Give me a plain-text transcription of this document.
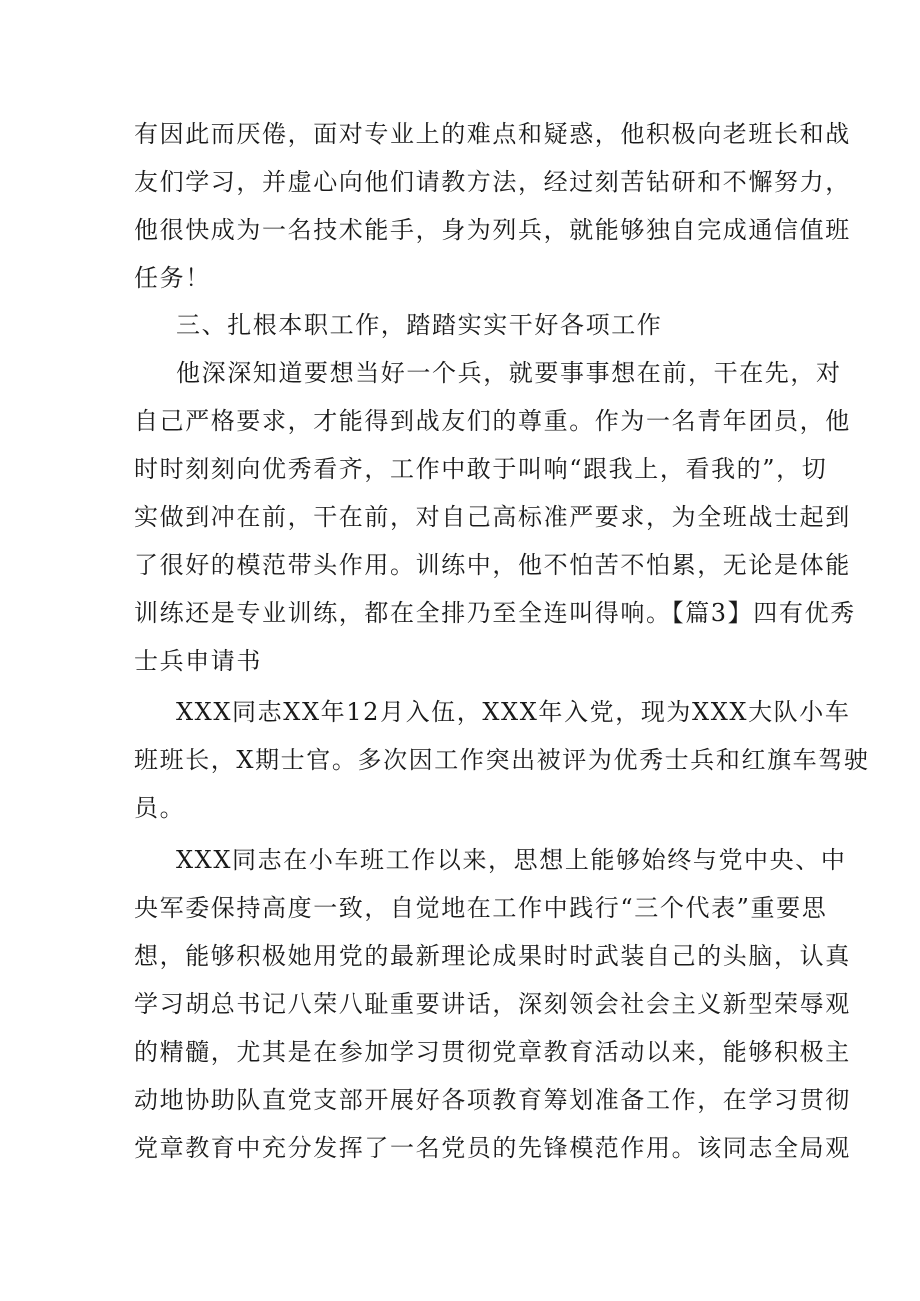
有因此而厌倦，面对专业上的难点和疑惑，他积极向老班长和战
友们学习，并虚心向他们请教方法，经过刻苦钻研和不懈努力，
他很快成为一名技术能手，身为列兵，就能够独自完成通信值班
任务！
三、扎根本职工作，踏踏实实干好各项工作
他深深知道要想当好一个兵，就要事事想在前，干在先，对
自己严格要求，才能得到战友们的尊重。作为一名青年团员，他
时时刻刻向优秀看齐，工作中敢于叫响“跟我上，看我的”，切
实做到冲在前，干在前，对自己高标准严要求，为全班战士起到
了很好的模范带头作用。训练中，他不怕苦不怕累，无论是体能
训练还是专业训练，都在全排乃至全连叫得响。【篇3】四有优秀
士兵申请书
XXX同志XX年12月入伍，XXX年入党，现为XXX大队小车
班班长，X期士官。多次因工作突出被评为优秀士兵和红旗车驾驶
员。
XXX同志在小车班工作以来，思想上能够始终与党中央、中
央军委保持高度一致，自觉地在工作中践行“三个代表”重要思
想，能够积极她用党的最新理论成果时时武装自己的头脑，认真
学习胡总书记八荣八耻重要讲话，深刻领会社会主义新型荣辱观
的精髓，尤其是在参加学习贯彻党章教育活动以来，能够积极主
动地协助队直党支部开展好各项教育筹划准备工作，在学习贯彻
党章教育中充分发挥了一名党员的先锋模范作用。该同志全局观
